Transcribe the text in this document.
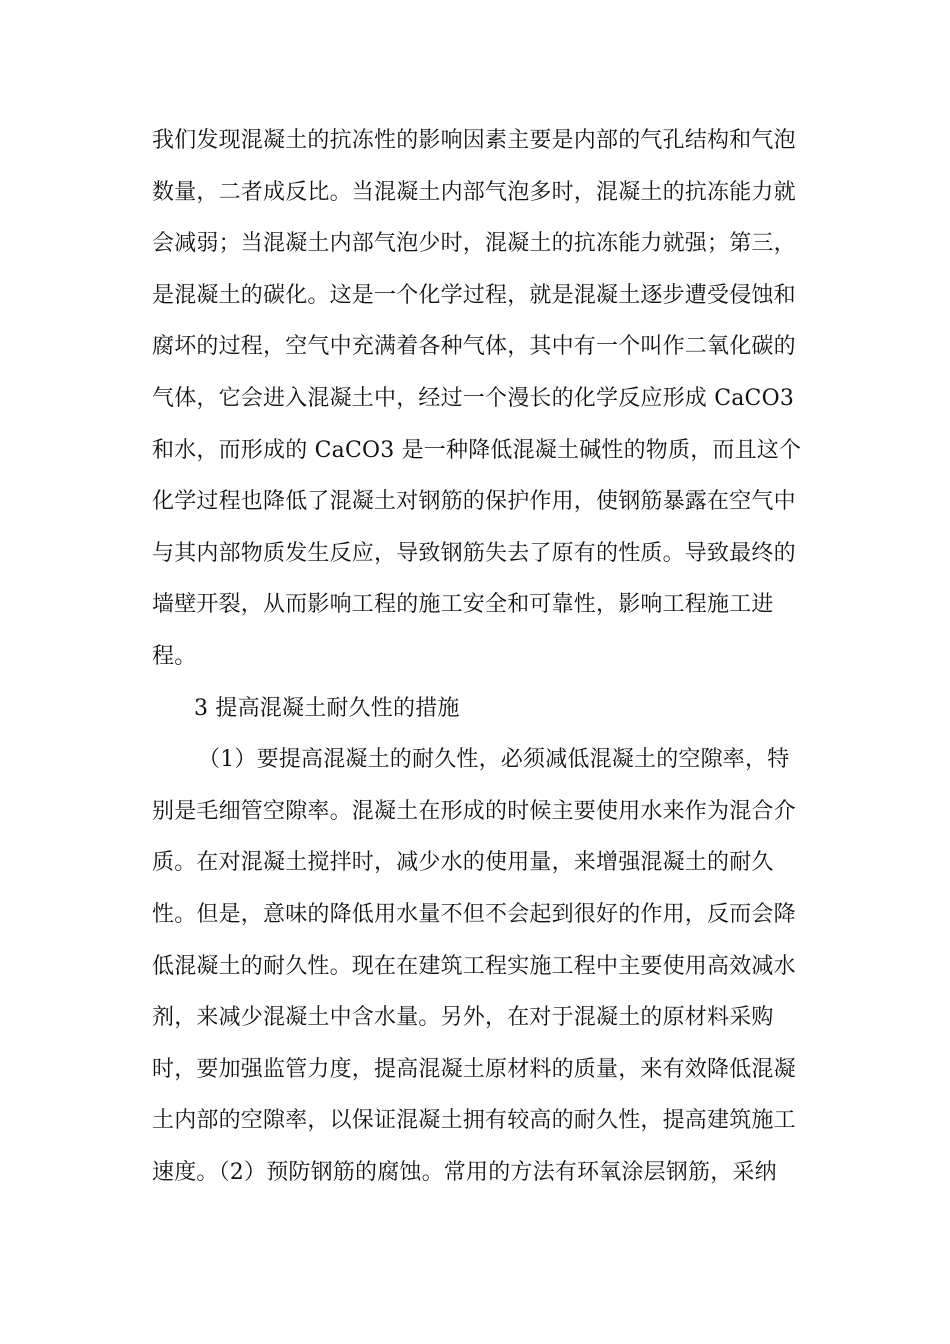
我们发现混凝土的抗冻性的影响因素主要是内部的气孔结构和气泡
数量，二者成反比。当混凝土内部气泡多时，混凝土的抗冻能力就
会减弱；当混凝土内部气泡少时，混凝土的抗冻能力就强；第三，
是混凝土的碳化。这是一个化学过程，就是混凝土逐步遭受侵蚀和
腐坏的过程，空气中充满着各种气体，其中有一个叫作二氧化碳的
气体，它会进入混凝土中，经过一个漫长的化学反应形成 CaCO3
和水，而形成的 CaCO3 是一种降低混凝土碱性的物质，而且这个
化学过程也降低了混凝土对钢筋的保护作用，使钢筋暴露在空气中
与其内部物质发生反应，导致钢筋失去了原有的性质。导致最终的
墙壁开裂，从而影响工程的施工安全和可靠性，影响工程施工进
程。
3 提高混凝土耐久性的措施
（1）要提高混凝土的耐久性，必须减低混凝土的空隙率，特
别是毛细管空隙率。混凝土在形成的时候主要使用水来作为混合介
质。在对混凝土搅拌时，减少水的使用量，来增强混凝土的耐久
性。但是，意味的降低用水量不但不会起到很好的作用，反而会降
低混凝土的耐久性。现在在建筑工程实施工程中主要使用高效减水
剂，来减少混凝土中含水量。另外，在对于混凝土的原材料采购
时，要加强监管力度，提高混凝土原材料的质量，来有效降低混凝
土内部的空隙率，以保证混凝土拥有较高的耐久性，提高建筑施工
速度。（2）预防钢筋的腐蚀。常用的方法有环氧涂层钢筋，采纳
